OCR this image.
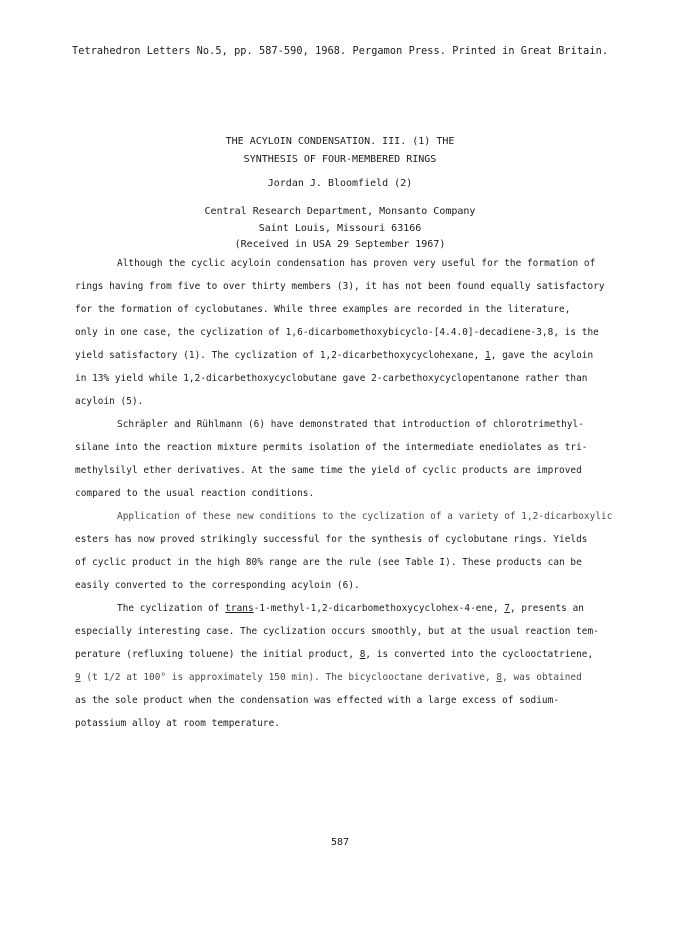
Tetrahedron Letters No.5, pp. 587-590, 1968. Pergamon Press. Printed in Great Britain.
THE ACYLOIN CONDENSATION. III. (1) THE
SYNTHESIS OF FOUR-MEMBERED RINGS
Jordan J. Bloomfield (2)
Central Research Department, Monsanto Company
Saint Louis, Missouri 63166
(Received in USA 29 September 1967)
Although the cyclic acyloin condensation has proven very useful for the formation of
rings having from five to over thirty members (3), it has not been found equally satisfactory
for the formation of cyclobutanes. While three examples are recorded in the literature,
only in one case, the cyclization of 1,6-dicarbomethoxybicyclo-[4.4.0]-decadiene-3,8, is the
yield satisfactory (1). The cyclization of 1,2-dicarbethoxycyclohexane, 1, gave the acyloin
in 13% yield while 1,2-dicarbethoxycyclobutane gave 2-carbethoxycyclopentanone rather than
acyloin (5).
Schräpler and Rühlmann (6) have demonstrated that introduction of chlorotrimethyl-
silane into the reaction mixture permits isolation of the intermediate enediolates as tri-
methylsilyl ether derivatives. At the same time the yield of cyclic products are improved
compared to the usual reaction conditions.
Application of these new conditions to the cyclization of a variety of 1,2-dicarboxylic
esters has now proved strikingly successful for the synthesis of cyclobutane rings. Yields
of cyclic product in the high 80% range are the rule (see Table I). These products can be
easily converted to the corresponding acyloin (6).
The cyclization of trans-1-methyl-1,2-dicarbomethoxycyclohex-4-ene, 7, presents an
especially interesting case. The cyclization occurs smoothly, but at the usual reaction tem-
perature (refluxing toluene) the initial product, 8, is converted into the cyclooctatriene,
9 (t 1/2 at 100° is approximately 150 min). The bicyclooctane derivative, 8, was obtained
as the sole product when the condensation was effected with a large excess of sodium-
potassium alloy at room temperature.
587
